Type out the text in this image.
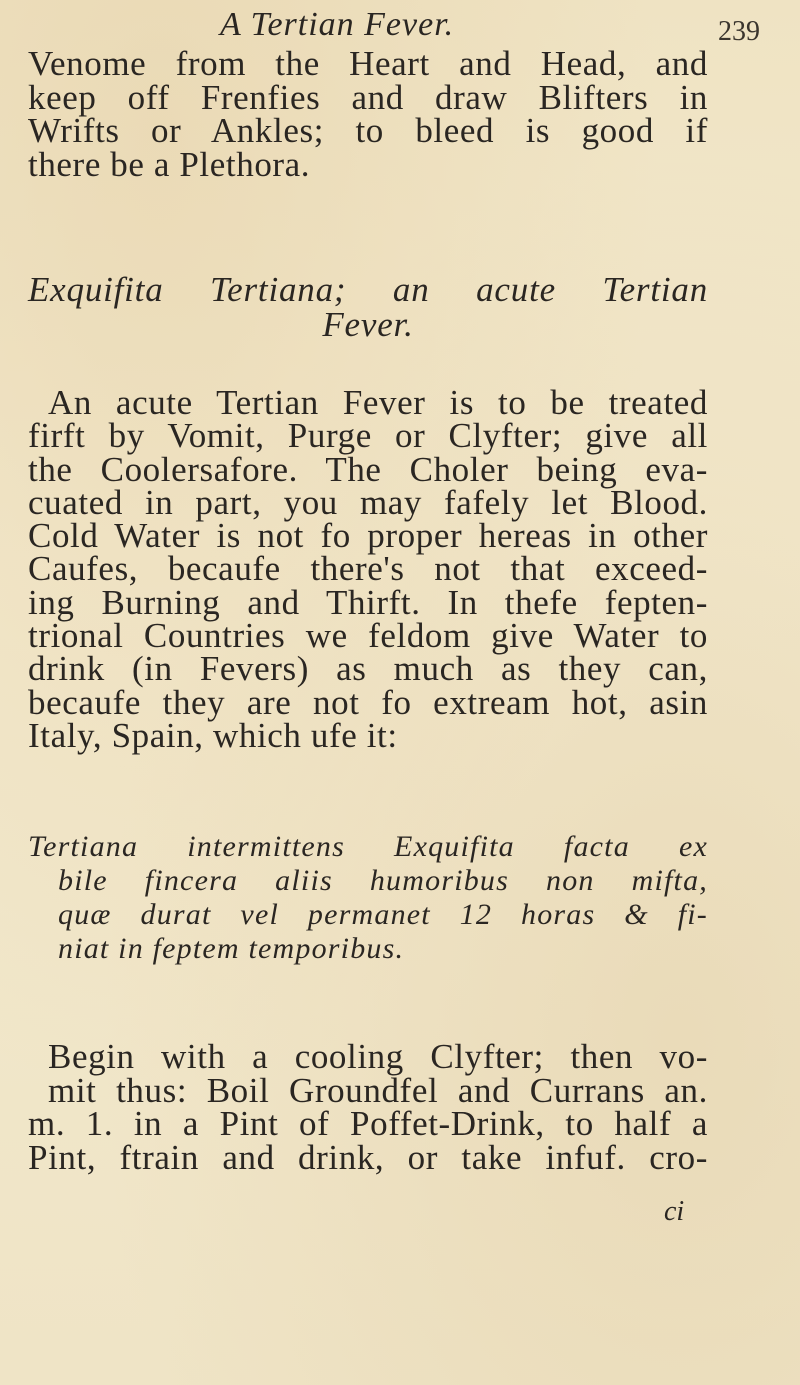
A Tertian Fever.	239
Venome from the Heart and Head, and
keep off Frenfies and draw Blifters in
Wrifts or Ankles; to bleed is good if
there be a Plethora.
Exquifita Tertiana; an acute Tertian
Fever.
An acute Tertian Fever is to be treated
firft by Vomit, Purge or Clyfter; give all
the Coolersafore. The Choler being eva-
cuated in part, you may fafely let Blood.
Cold Water is not fo proper hereas in other
Caufes, becaufe there's not that exceed-
ing Burning and Thirft. In thefe fepten-
trional Countries we feldom give Water to
drink (in Fevers) as much as they can,
becaufe they are not fo extream hot, asin
Italy, Spain, which ufe it:
Tertiana intermittens Exquifita facta ex
bile fincera aliis humoribus non mifta,
quæ durat vel permanet 12 horas & fi-
niat in feptem temporibus.
Begin with a cooling Clyfter; then vo-
mit thus: Boil Groundfel and Currans an.
m. 1. in a Pint of Poffet-Drink, to half a
Pint, ftrain and drink, or take infuf. cro-
ci
